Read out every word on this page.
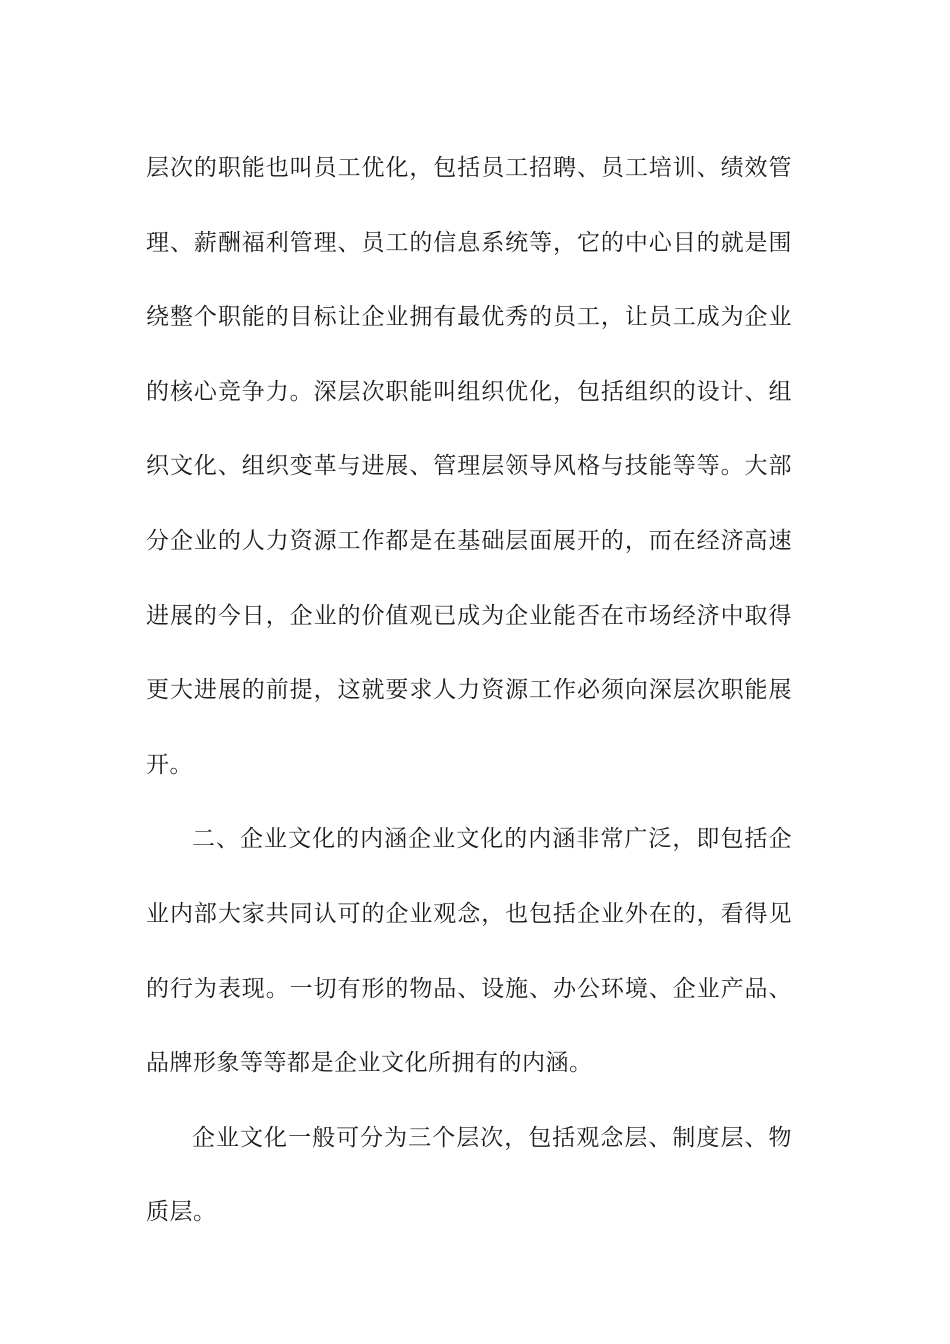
层次的职能也叫员工优化，包括员工招聘、员工培训、绩效管
理、薪酬福利管理、员工的信息系统等，它的中心目的就是围
绕整个职能的目标让企业拥有最优秀的员工，让员工成为企业
的核心竞争力。深层次职能叫组织优化，包括组织的设计、组
织文化、组织变革与进展、管理层领导风格与技能等等。大部
分企业的人力资源工作都是在基础层面展开的，而在经济高速
进展的今日，企业的价值观已成为企业能否在市场经济中取得
更大进展的前提，这就要求人力资源工作必须向深层次职能展
开。

二、企业文化的内涵企业文化的内涵非常广泛，即包括企
业内部大家共同认可的企业观念，也包括企业外在的，看得见
的行为表现。一切有形的物品、设施、办公环境、企业产品、
品牌形象等等都是企业文化所拥有的内涵。

企业文化一般可分为三个层次，包括观念层、制度层、物
质层。
